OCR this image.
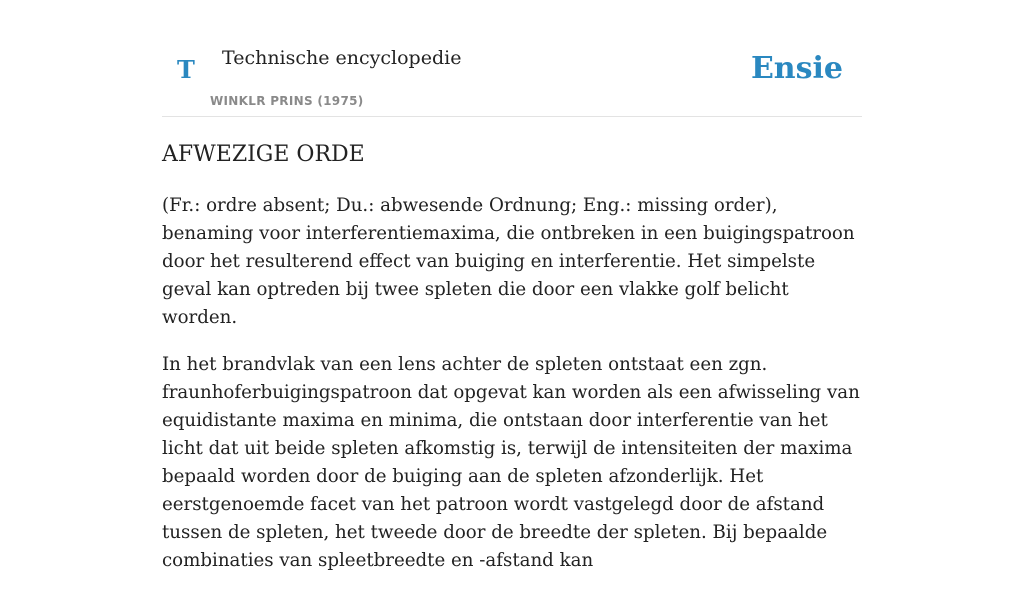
T Technische encyclopedie
WINKLR PRINS (1975)
Ensie
AFWEZIGE ORDE

(Fr.: ordre absent; Du.: abwesende Ordnung; Eng.: missing order), benaming voor interferentiemaxima, die ontbreken in een buigingspatroon door het resulterend effect van buiging en interferentie. Het simpelste geval kan optreden bij twee spleten die door een vlakke golf belicht worden.

In het brandvlak van een lens achter de spleten ontstaat een zgn. fraunhoferbuigingspatroon dat opgevat kan worden als een afwisseling van equidistante maxima en minima, die ontstaan door interferentie van het licht dat uit beide spleten afkomstig is, terwijl de intensiteiten der maxima bepaald worden door de buiging aan de spleten afzonderlijk. Het eerstgenoemde facet van het patroon wordt vastgelegd door de afstand tussen de spleten, het tweede door de breedte der spleten. Bij bepaalde combinaties van spleetbreedte en -afstand kan
